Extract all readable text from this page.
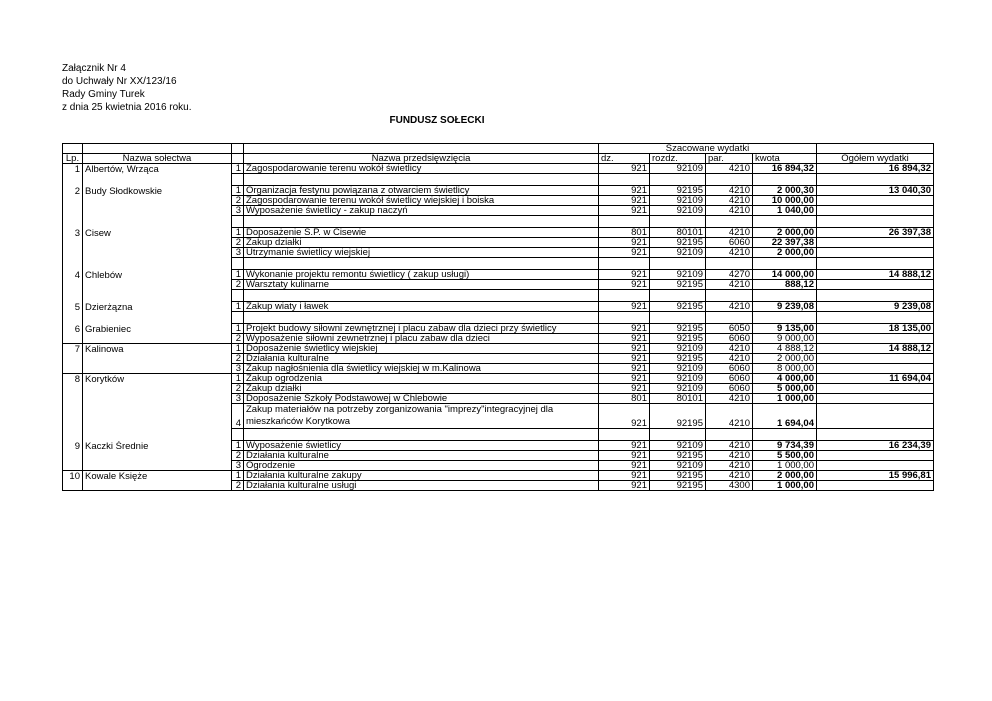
Załącznik Nr 4
do Uchwały Nr XX/123/16
Rady Gminy Turek
z dnia 25 kwietnia 2016 roku.
FUNDUSZ SOŁECKI
				Szacowane wydatki				
Lp.	Nazwa sołectwa		Nazwa przedsięwzięcia	dz.	rozdz.	par.	kwota	Ogółem wydatki
1	Albertów, Wrząca	1	Zagospodarowanie terenu wokół świetlicy	921	92109	4210	16 894,32	16 894,32

2	Budy Słodkowskie	1	Organizacja festynu powiązana z otwarciem świetlicy	921	92195	4210	2 000,30	13 040,30
		2	Zagospodarowanie terenu wokół świetlicy wiejskiej i boiska	921	92109	4210	10 000,00	
		3	Wyposażenie świetlicy - zakup naczyń	921	92109	4210	1 040,00	

3	Cisew	1	Doposażenie S.P. w Cisewie	801	80101	4210	2 000,00	26 397,38
		2	Zakup działki	921	92195	6060	22 397,38	
		3	Utrzymanie świetlicy wiejskiej	921	92109	4210	2 000,00	

4	Chlebów	1	Wykonanie projektu remontu świetlicy ( zakup usługi)	921	92109	4270	14 000,00	14 888,12
		2	Warsztaty kulinarne	921	92195	4210	888,12	

5	Dzierżązna	1	Zakup wiaty i ławek	921	92195	4210	9 239,08	9 239,08

6	Grabieniec	1	Projekt budowy siłowni zewnętrznej i placu zabaw dla dzieci przy świetlicy	921	92195	6050	9 135,00	18 135,00
		2	Wyposażenie siłowni zewnetrznej i placu zabaw dla dzieci	921	92195	6060	9 000,00	
7	Kalinowa	1	Doposażenie świetlicy wiejskiej	921	92109	4210	4 888,12	14 888,12
		2	Działania kulturalne	921	92195	4210	2 000,00	
		3	Zakup nagłośnienia dla świetlicy wiejskiej w m.Kalinowa	921	92109	6060	8 000,00	
8	Korytków	1	Zakup ogrodzenia	921	92109	6060	4 000,00	11 694,04
		2	Zakup działki	921	92109	6060	5 000,00	
		3	Doposażenie Szkoły Podstawowej w Chlebowie	801	80101	4210	1 000,00	
		4	Zakup materiałów na potrzeby zorganizowania "imprezy"integracyjnej dla mieszkańców Korytkowa	921	92195	4210	1 694,04	

9	Kaczki Średnie	1	Wyposażenie świetlicy	921	92109	4210	9 734,39	16 234,39
		2	Działania kulturalne	921	92195	4210	5 500,00	
		3	Ogrodzenie	921	92109	4210	1 000,00	
10	Kowale Księże	1	Działania kulturalne zakupy	921	92195	4210	2 000,00	15 996,81
		2	Działania kulturalne usługi	921	92195	4300	1 000,00	
